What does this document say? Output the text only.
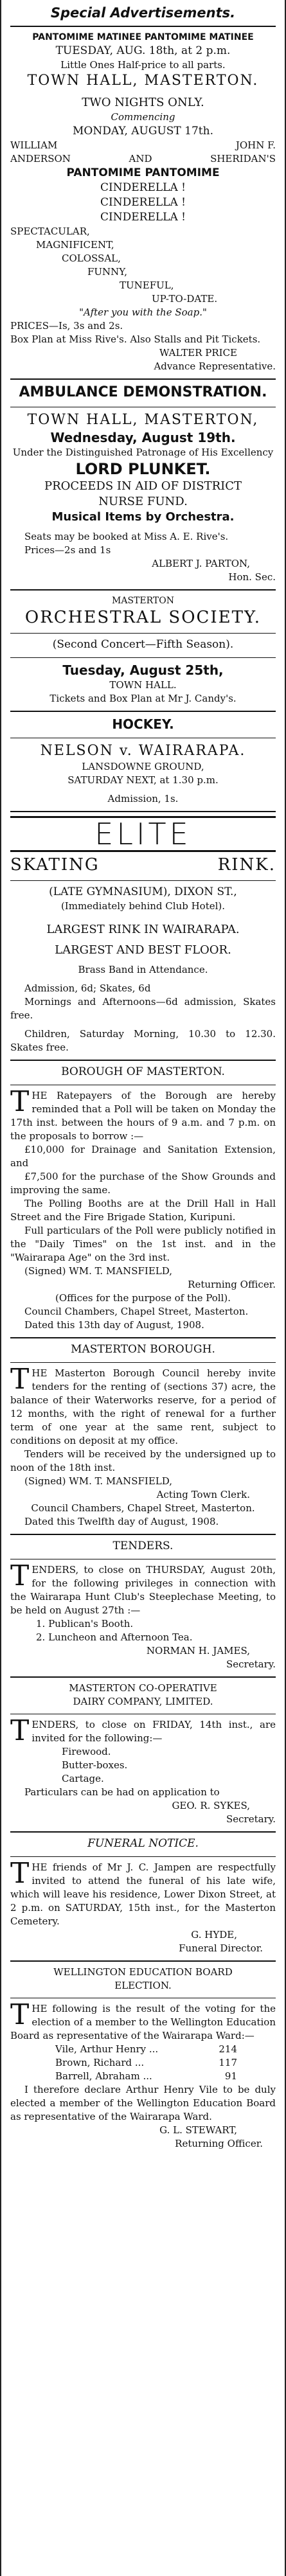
Special Advertisements.

PANTOMIME MATINEE PANTOMIME MATINEE

TUESDAY, AUG. 18th, at 2 p.m.

Little Ones Half-price to all parts.

TOWN HALL, MASTERTON.

TWO NIGHTS ONLY.

Commencing

MONDAY, AUGUST 17th.

WILLIAM	JOHN F.
ANDERSON	AND	SHERIDAN'S

PANTOMIME PANTOMIME

CINDERELLA !

CINDERELLA !

CINDERELLA !

SPECTACULAR,

MAGNIFICENT,

COLOSSAL,

FUNNY,

TUNEFUL,

UP-TO-DATE.

"After you with the Soap."

PRICES—Is, 3s and 2s.

Box Plan at Miss Rive's. Also Stalls and Pit Tickets.

WALTER PRICE

Advance Representative.

AMBULANCE DEMONSTRATION.

TOWN HALL, MASTERTON,

Wednesday, August 19th.

Under the Distinguished Patronage of His Excellency

LORD PLUNKET.

PROCEEDS IN AID OF DISTRICT

NURSE FUND.

Musical Items by Orchestra.

Seats may be booked at Miss A. E. Rive's.

Prices—2s and 1s

ALBERT J. PARTON,

Hon. Sec.

MASTERTON

ORCHESTRAL SOCIETY.

(Second Concert—Fifth Season).

Tuesday, August 25th,

TOWN HALL.

Tickets and Box Plan at Mr J. Candy's.

HOCKEY.

NELSON v. WAIRARAPA.

LANSDOWNE GROUND,

SATURDAY NEXT, at 1.30 p.m.

Admission, 1s.

ELITE

SKATING	RINK.

(LATE GYMNASIUM), DIXON ST.,

(Immediately behind Club Hotel).

LARGEST RINK IN WAIRARAPA.

LARGEST AND BEST FLOOR.

Brass Band in Attendance.

Admission, 6d; Skates, 6d

Mornings and Afternoons—6d admission, Skates free.

Children, Saturday Morning, 10.30 to 12.30. Skates free.

BOROUGH OF MASTERTON.

THE Ratepayers of the Borough are hereby reminded that a Poll will be taken on Monday the 17th inst. between the hours of 9 a.m. and 7 p.m. on the proposals to borrow :—

£10,000 for Drainage and Sanitation Extension, and

£7,500 for the purchase of the Show Grounds and improving the same.

The Polling Booths are at the Drill Hall in Hall Street and the Fire Brigade Station, Kuripuni.

Full particulars of the Poll were publicly notified in the "Daily Times" on the 1st inst. and in the "Wairarapa Age" on the 3rd inst.

(Signed) WM. T. MANSFIELD,

Returning Officer.

(Offices for the purpose of the Poll).

Council Chambers, Chapel Street, Masterton.

Dated this 13th day of August, 1908.

MASTERTON BOROUGH.

THE Masterton Borough Council hereby invite tenders for the renting of (sections 37) acre, the balance of their Waterworks reserve, for a period of 12 months, with the right of renewal for a further term of one year at the same rent, subject to conditions on deposit at my office.

Tenders will be received by the undersigned up to noon of the 18th inst.

(Signed) WM. T. MANSFIELD,

Acting Town Clerk.

Council Chambers, Chapel Street, Masterton.

Dated this Twelfth day of August, 1908.

TENDERS.

TENDERS, to close on THURSDAY, August 20th, for the following privileges in connection with the Wairarapa Hunt Club's Steeplechase Meeting, to be held on August 27th :—

1. Publican's Booth.

2. Luncheon and Afternoon Tea.

NORMAN H. JAMES,

Secretary.

MASTERTON CO-OPERATIVE

DAIRY COMPANY, LIMITED.

TENDERS, to close on FRIDAY, 14th inst., are invited for the following:—

Firewood.

Butter-boxes.

Cartage.

Particulars can be had on application to

GEO. R. SYKES,

Secretary.

FUNERAL NOTICE.

THE friends of Mr J. C. Jampen are respectfully invited to attend the funeral of his late wife, which will leave his residence, Lower Dixon Street, at 2 p.m. on SATURDAY, 15th inst., for the Masterton Cemetery.

G. HYDE,

Funeral Director.

WELLINGTON EDUCATION BOARD

ELECTION.

THE following is the result of the voting for the election of a member to the Wellington Education Board as representative of the Wairarapa Ward:—

Vile, Arthur Henry ...	214
Brown, Richard ...	117
Barrell, Abraham ...	91

I therefore declare Arthur Henry Vile to be duly elected a member of the Wellington Education Board as representative of the Wairarapa Ward.

G. L. STEWART,

Returning Officer.
